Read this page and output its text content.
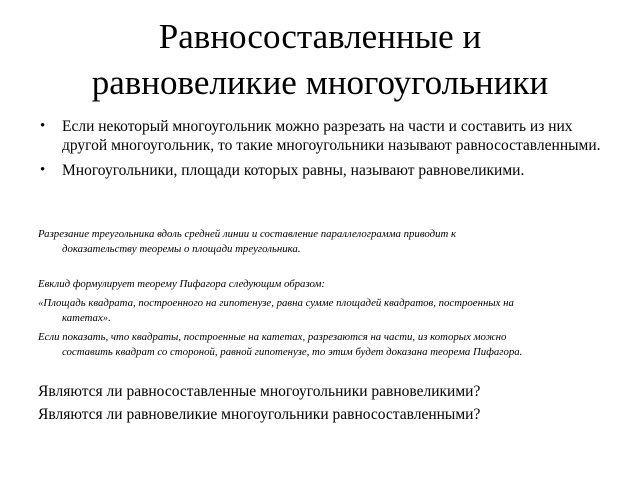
Равносоставленные и
равновеликие многоугольники
• Если некоторый многоугольник можно разрезать на части и составить из них другой многоугольник, то такие многоугольники называют равносоставленными.
• Многоугольники, площади которых равны, называют равновеликими.

Разрезание треугольника вдоль средней линии и составление параллелограмма приводит к
доказательству теоремы о площади треугольника.

Евклид формулирует теорему Пифагора следующим образом:

«Площадь квадрата, построенного на гипотенузе, равна сумме площадей квадратов, построенных на
катетах».

Если показать, что квадраты, построенные на катетах, разрезаются на части, из которых можно
составить квадрат со стороной, равной гипотенузе, то этим будет доказана теорема Пифагора.

Являются ли равносоставленные многоугольники равновеликими?

Являются ли равновеликие многоугольники равносоставленными?
